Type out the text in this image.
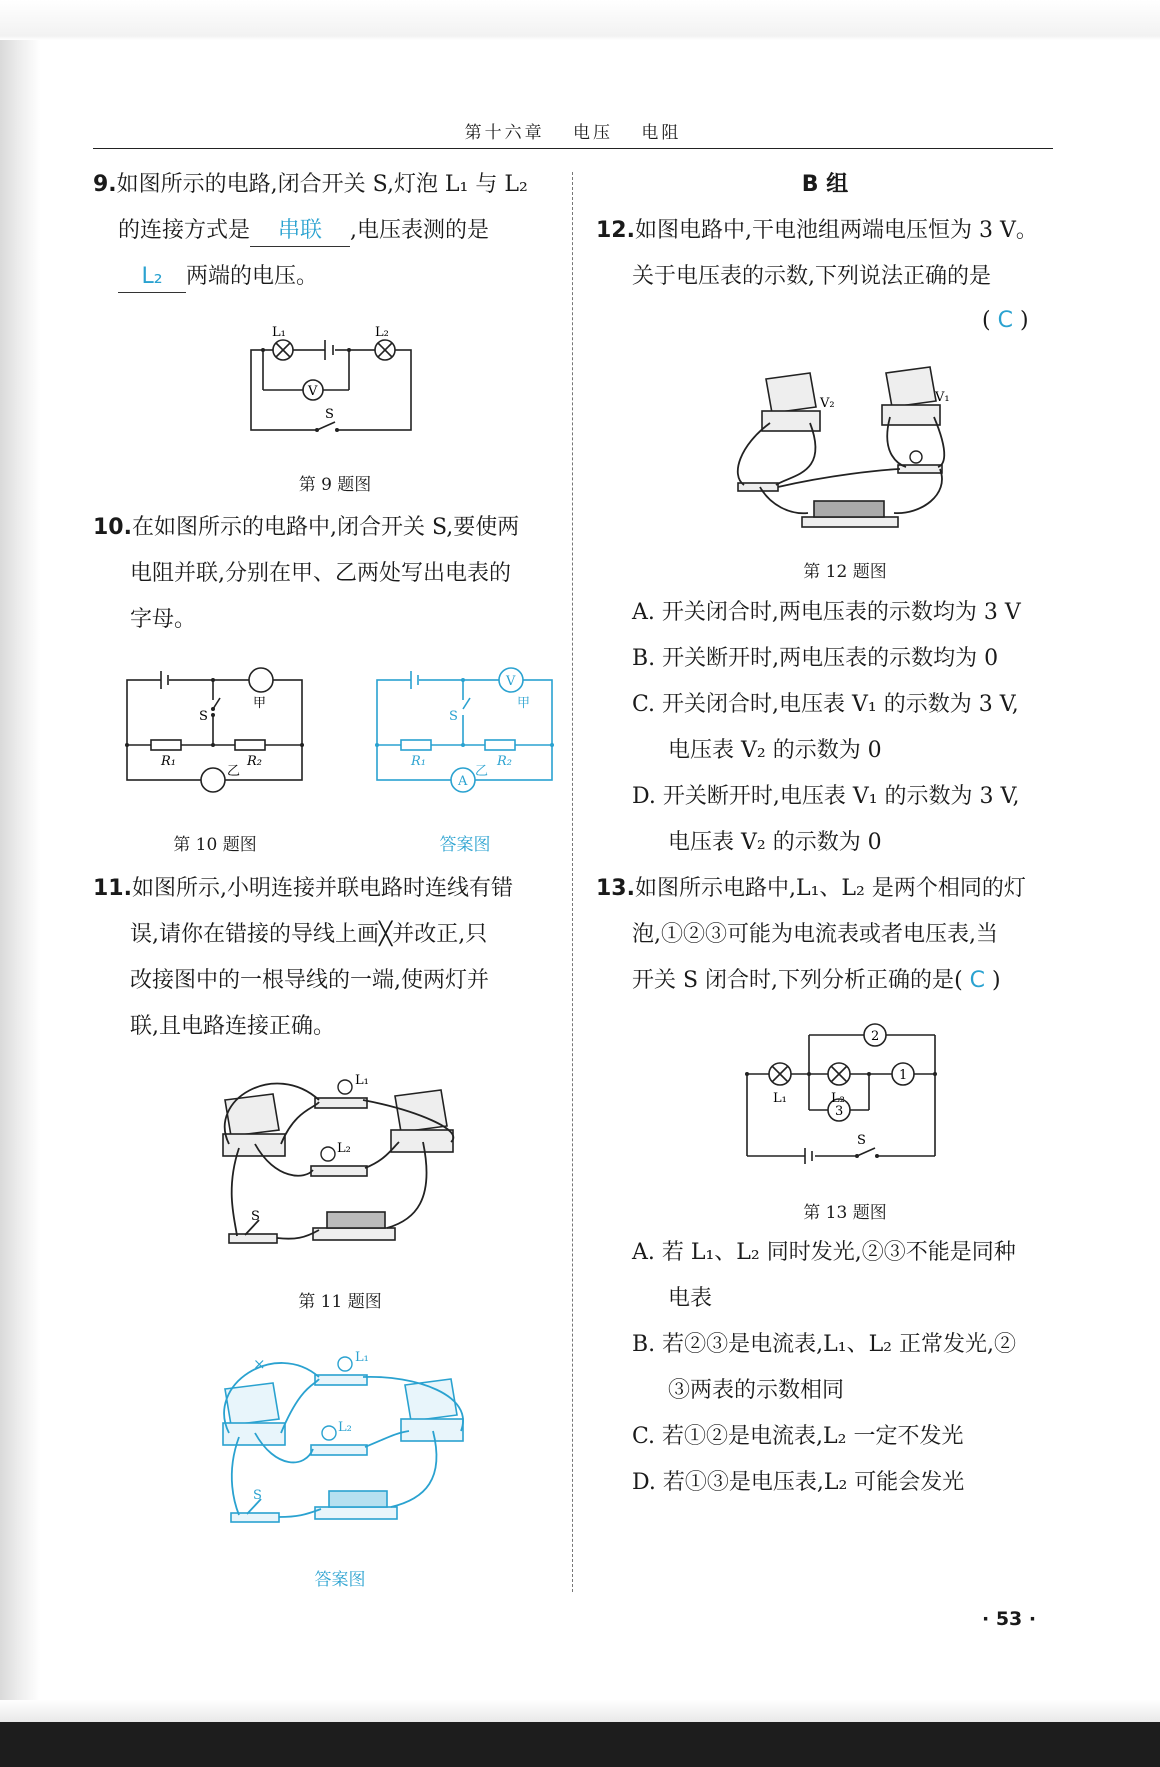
第十六章 电压 电阻
9.如图所示的电路,闭合开关 S,灯泡 L₁ 与 L₂
的连接方式是 串联 ,电压表测的是
L₂ 两端的电压。
L₁	L₂
V
S
第 9 题图
10.在如图所示的电路中,闭合开关 S,要使两
电阻并联,分别在甲、乙两处写出电表的
字母。
S
甲
R₁	R₂
乙
第 10 题图
V
A
S
甲
R₁	R₂
乙
答案图
11.如图所示,小明连接并联电路时连线有错
误,请你在错接的导线上画╳并改正,只
改接图中的一根导线的一端,使两灯并
联,且电路连接正确。
L₁
L₂
S
第 11 题图
×	L₁
L₂
S
答案图
B 组
12.如图电路中,干电池组两端电压恒为 3 V。
关于电压表的示数,下列说法正确的是
( C )
V₂	V₁
第 12 题图
A. 开关闭合时,两电压表的示数均为 3 V
B. 开关断开时,两电压表的示数均为 0
C. 开关闭合时,电压表 V₁ 的示数为 3 V,
电压表 V₂ 的示数为 0
D. 开关断开时,电压表 V₁ 的示数为 3 V,
电压表 V₂ 的示数为 0
13.如图所示电路中,L₁、L₂ 是两个相同的灯
泡,①②③可能为电流表或者电压表,当
开关 S 闭合时,下列分析正确的是( C )
2
1
3
L₁	L₂
S
第 13 题图
A. 若 L₁、L₂ 同时发光,②③不能是同种
电表
B. 若②③是电流表,L₁、L₂ 正常发光,②
③两表的示数相同
C. 若①②是电流表,L₂ 一定不发光
D. 若①③是电压表,L₂ 可能会发光
· 53 ·
